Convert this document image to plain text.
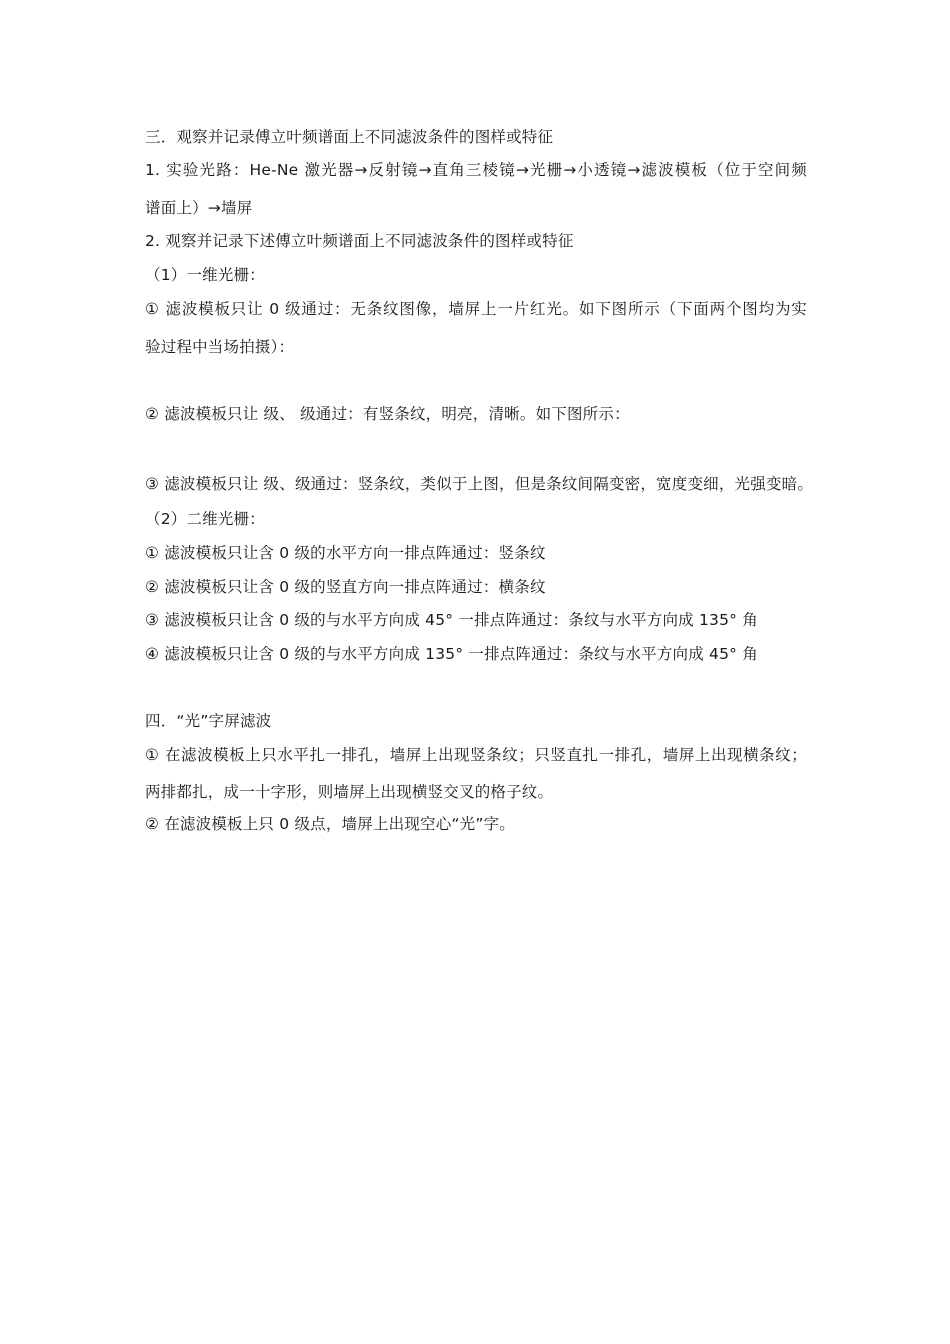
三．观察并记录傅立叶频谱面上不同滤波条件的图样或特征
1. 实验光路：He-Ne 激光器→反射镜→直角三棱镜→光栅→小透镜→滤波模板（位于空间频
谱面上）→墙屏
2. 观察并记录下述傅立叶频谱面上不同滤波条件的图样或特征
（1）一维光栅：
① 滤波模板只让 0 级通过：无条纹图像，墙屏上一片红光。如下图所示（下面两个图均为实
验过程中当场拍摄）：
② 滤波模板只让 级、 级通过：有竖条纹，明亮，清晰。如下图所示：
③ 滤波模板只让 级、级通过：竖条纹，类似于上图，但是条纹间隔变密，宽度变细，光强变暗。
（2）二维光栅：
① 滤波模板只让含 0 级的水平方向一排点阵通过：竖条纹
② 滤波模板只让含 0 级的竖直方向一排点阵通过：横条纹
③ 滤波模板只让含 0 级的与水平方向成 45° 一排点阵通过：条纹与水平方向成 135° 角
④ 滤波模板只让含 0 级的与水平方向成 135° 一排点阵通过：条纹与水平方向成 45° 角
四．“光”字屏滤波
① 在滤波模板上只水平扎一排孔，墙屏上出现竖条纹；只竖直扎一排孔，墙屏上出现横条纹；
两排都扎，成一十字形，则墙屏上出现横竖交叉的格子纹。
② 在滤波模板上只 0 级点，墙屏上出现空心“光”字。
